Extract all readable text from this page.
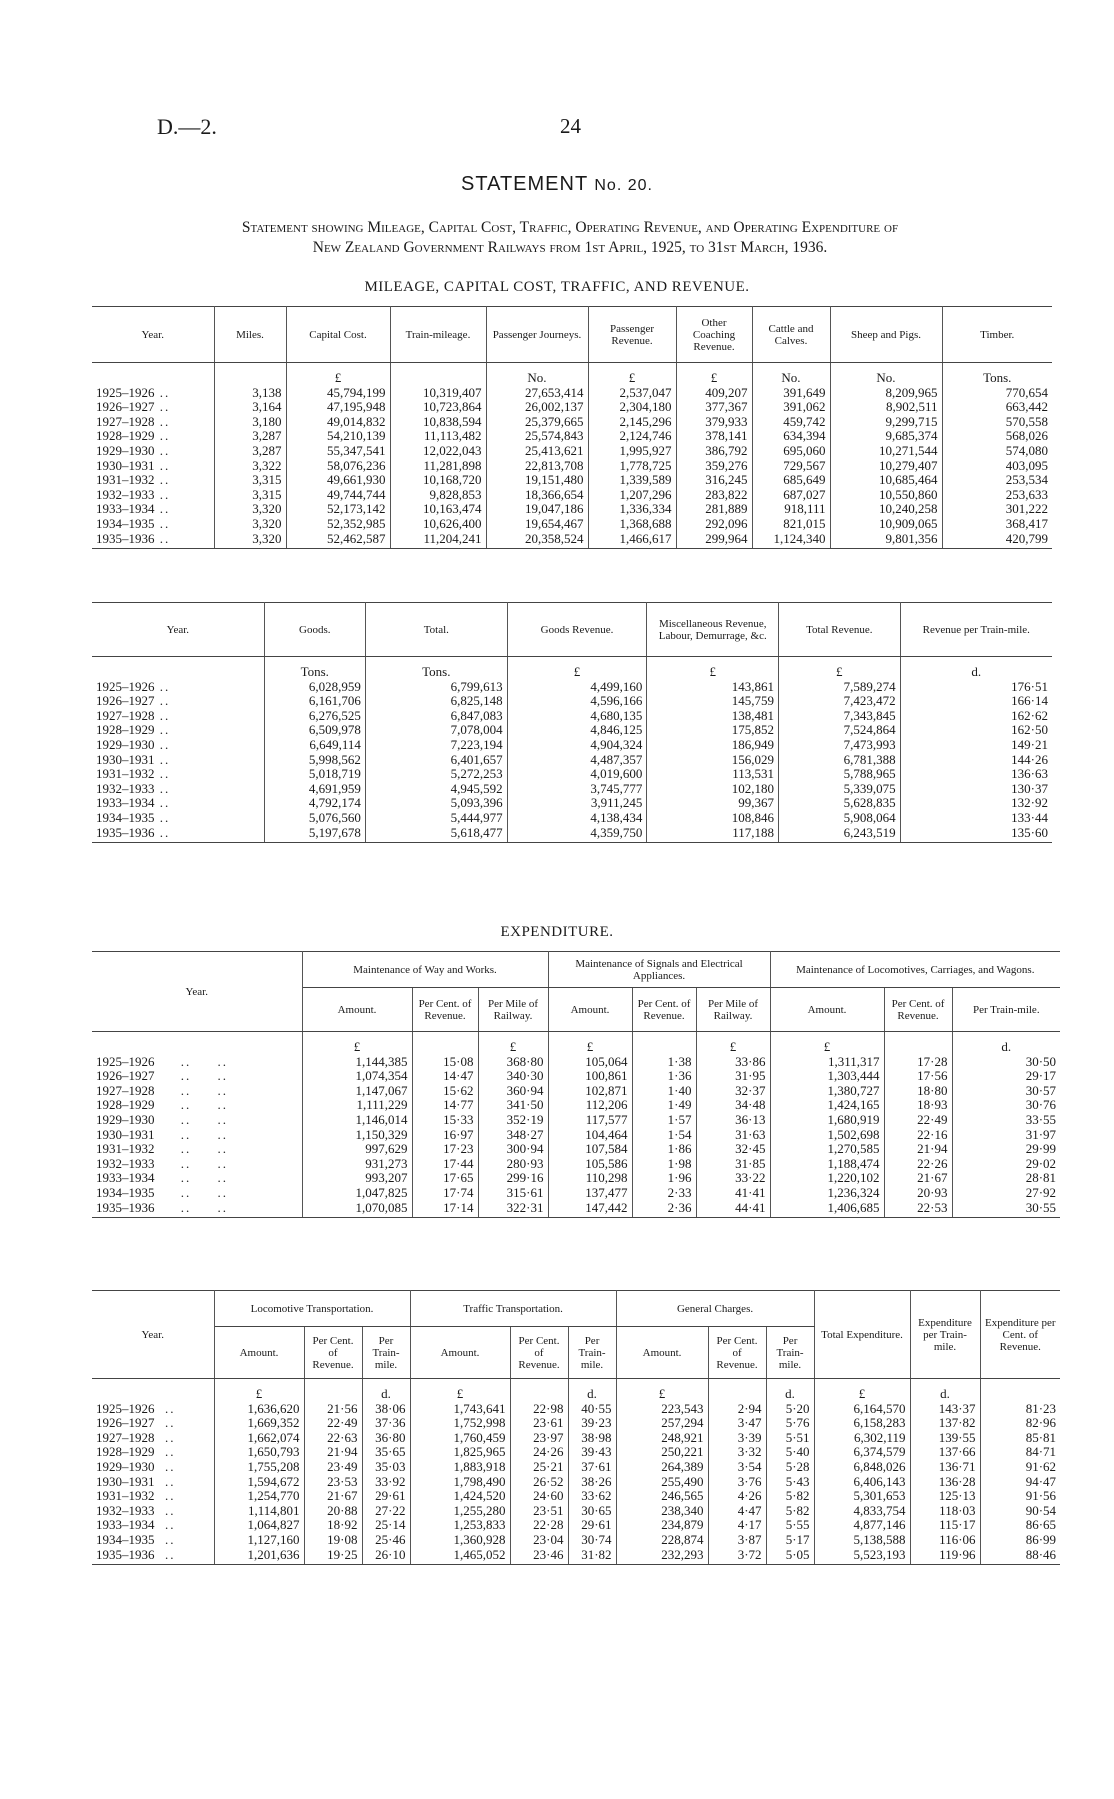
D.—2.	24
STATEMENT No. 20.
Statement showing Mileage, Capital Cost, Traffic, Operating Revenue, and Operating Expenditure of
New Zealand Government Railways from 1st April, 1925, to 31st March, 1936.
MILEAGE, CAPITAL COST, TRAFFIC, AND REVENUE.
Year.	Miles.	Capital Cost.	Train-mileage.	Passenger Journeys.	Passenger Revenue.	Other Coaching Revenue.	Cattle and Calves.	Sheep and Pigs.	Timber.
		£		No.	£	£	No.	No.	Tons.
1925–1926 ..	3,138	45,794,199	10,319,407	27,653,414	2,537,047	409,207	391,649	8,209,965	770,654
1926–1927 ..	3,164	47,195,948	10,723,864	26,002,137	2,304,180	377,367	391,062	8,902,511	663,442
1927–1928 ..	3,180	49,014,832	10,838,594	25,379,665	2,145,296	379,933	459,742	9,299,715	570,558
1928–1929 ..	3,287	54,210,139	11,113,482	25,574,843	2,124,746	378,141	634,394	9,685,374	568,026
1929–1930 ..	3,287	55,347,541	12,022,043	25,413,621	1,995,927	386,792	695,060	10,271,544	574,080
1930–1931 ..	3,322	58,076,236	11,281,898	22,813,708	1,778,725	359,276	729,567	10,279,407	403,095
1931–1932 ..	3,315	49,661,930	10,168,720	19,151,480	1,339,589	316,245	685,649	10,685,464	253,534
1932–1933 ..	3,315	49,744,744	9,828,853	18,366,654	1,207,296	283,822	687,027	10,550,860	253,633
1933–1934 ..	3,320	52,173,142	10,163,474	19,047,186	1,336,334	281,889	918,111	10,240,258	301,222
1934–1935 ..	3,320	52,352,985	10,626,400	19,654,467	1,368,688	292,096	821,015	10,909,065	368,417
1935–1936 ..	3,320	52,462,587	11,204,241	20,358,524	1,466,617	299,964	1,124,340	9,801,356	420,799
Year.	Goods.	Total.	Goods Revenue.	Miscellaneous Revenue, Labour, Demurrage, &c.	Total Revenue.	Revenue per Train-mile.
	Tons.	Tons.	£	£	£	d.
1925–1926 ..	6,028,959	6,799,613	4,499,160	143,861	7,589,274	176·51
1926–1927 ..	6,161,706	6,825,148	4,596,166	145,759	7,423,472	166·14
1927–1928 ..	6,276,525	6,847,083	4,680,135	138,481	7,343,845	162·62
1928–1929 ..	6,509,978	7,078,004	4,846,125	175,852	7,524,864	162·50
1929–1930 ..	6,649,114	7,223,194	4,904,324	186,949	7,473,993	149·21
1930–1931 ..	5,998,562	6,401,657	4,487,357	156,029	6,781,388	144·26
1931–1932 ..	5,018,719	5,272,253	4,019,600	113,531	5,788,965	136·63
1932–1933 ..	4,691,959	4,945,592	3,745,777	102,180	5,339,075	130·37
1933–1934 ..	4,792,174	5,093,396	3,911,245	99,367	5,628,835	132·92
1934–1935 ..	5,076,560	5,444,977	4,138,434	108,846	5,908,064	133·44
1935–1936 ..	5,197,678	5,618,477	4,359,750	117,188	6,243,519	135·60
EXPENDITURE.
Year.	Maintenance of Way and Works.			Maintenance of Signals and Electrical Appliances.			Maintenance of Locomotives, Carriages, and Wagons.		
	Amount.	Per Cent. of Revenue.	Per Mile of Railway.	Amount.	Per Cent. of Revenue.	Per Mile of Railway.	Amount.	Per Cent. of Revenue.	Per Train-mile.
	£		£	£		£	£		d.
1925–1926     ..     ..	1,144,385	15·08	368·80	105,064	1·38	33·86	1,311,317	17·28	30·50
1926–1927     ..     ..	1,074,354	14·47	340·30	100,861	1·36	31·95	1,303,444	17·56	29·17
1927–1928     ..     ..	1,147,067	15·62	360·94	102,871	1·40	32·37	1,380,727	18·80	30·57
1928–1929     ..     ..	1,111,229	14·77	341·50	112,206	1·49	34·48	1,424,165	18·93	30·76
1929–1930     ..     ..	1,146,014	15·33	352·19	117,577	1·57	36·13	1,680,919	22·49	33·55
1930–1931     ..     ..	1,150,329	16·97	348·27	104,464	1·54	31·63	1,502,698	22·16	31·97
1931–1932     ..     ..	997,629	17·23	300·94	107,584	1·86	32·45	1,270,585	21·94	29·99
1932–1933     ..     ..	931,273	17·44	280·93	105,586	1·98	31·85	1,188,474	22·26	29·02
1933–1934     ..     ..	993,207	17·65	299·16	110,298	1·96	33·22	1,220,102	21·67	28·81
1934–1935     ..     ..	1,047,825	17·74	315·61	137,477	2·33	41·41	1,236,324	20·93	27·92
1935–1936     ..     ..	1,070,085	17·14	322·31	147,442	2·36	44·41	1,406,685	22·53	30·55
Year.	Locomotive Transportation.			Traffic Transportation.			General Charges.			Total Expenditure.	Expenditure per Train-mile.	Expenditure per Cent. of Revenue.
	Amount.	Per Cent. of Revenue.	Per Train-mile.	Amount.	Per Cent. of Revenue.	Per Train-mile.	Amount.	Per Cent. of Revenue.	Per Train-mile.			
	£		d.	£		d.	£		d.	£	d.	
1925–1926  ..	1,636,620	21·56	38·06	1,743,641	22·98	40·55	223,543	2·94	5·20	6,164,570	143·37	81·23
1926–1927  ..	1,669,352	22·49	37·36	1,752,998	23·61	39·23	257,294	3·47	5·76	6,158,283	137·82	82·96
1927–1928  ..	1,662,074	22·63	36·80	1,760,459	23·97	38·98	248,921	3·39	5·51	6,302,119	139·55	85·81
1928–1929  ..	1,650,793	21·94	35·65	1,825,965	24·26	39·43	250,221	3·32	5·40	6,374,579	137·66	84·71
1929–1930  ..	1,755,208	23·49	35·03	1,883,918	25·21	37·61	264,389	3·54	5·28	6,848,026	136·71	91·62
1930–1931  ..	1,594,672	23·53	33·92	1,798,490	26·52	38·26	255,490	3·76	5·43	6,406,143	136·28	94·47
1931–1932  ..	1,254,770	21·67	29·61	1,424,520	24·60	33·62	246,565	4·26	5·82	5,301,653	125·13	91·56
1932–1933  ..	1,114,801	20·88	27·22	1,255,280	23·51	30·65	238,340	4·47	5·82	4,833,754	118·03	90·54
1933–1934  ..	1,064,827	18·92	25·14	1,253,833	22·28	29·61	234,879	4·17	5·55	4,877,146	115·17	86·65
1934–1935  ..	1,127,160	19·08	25·46	1,360,928	23·04	30·74	228,874	3·87	5·17	5,138,588	116·06	86·99
1935–1936  ..	1,201,636	19·25	26·10	1,465,052	23·46	31·82	232,293	3·72	5·05	5,523,193	119·96	88·46
